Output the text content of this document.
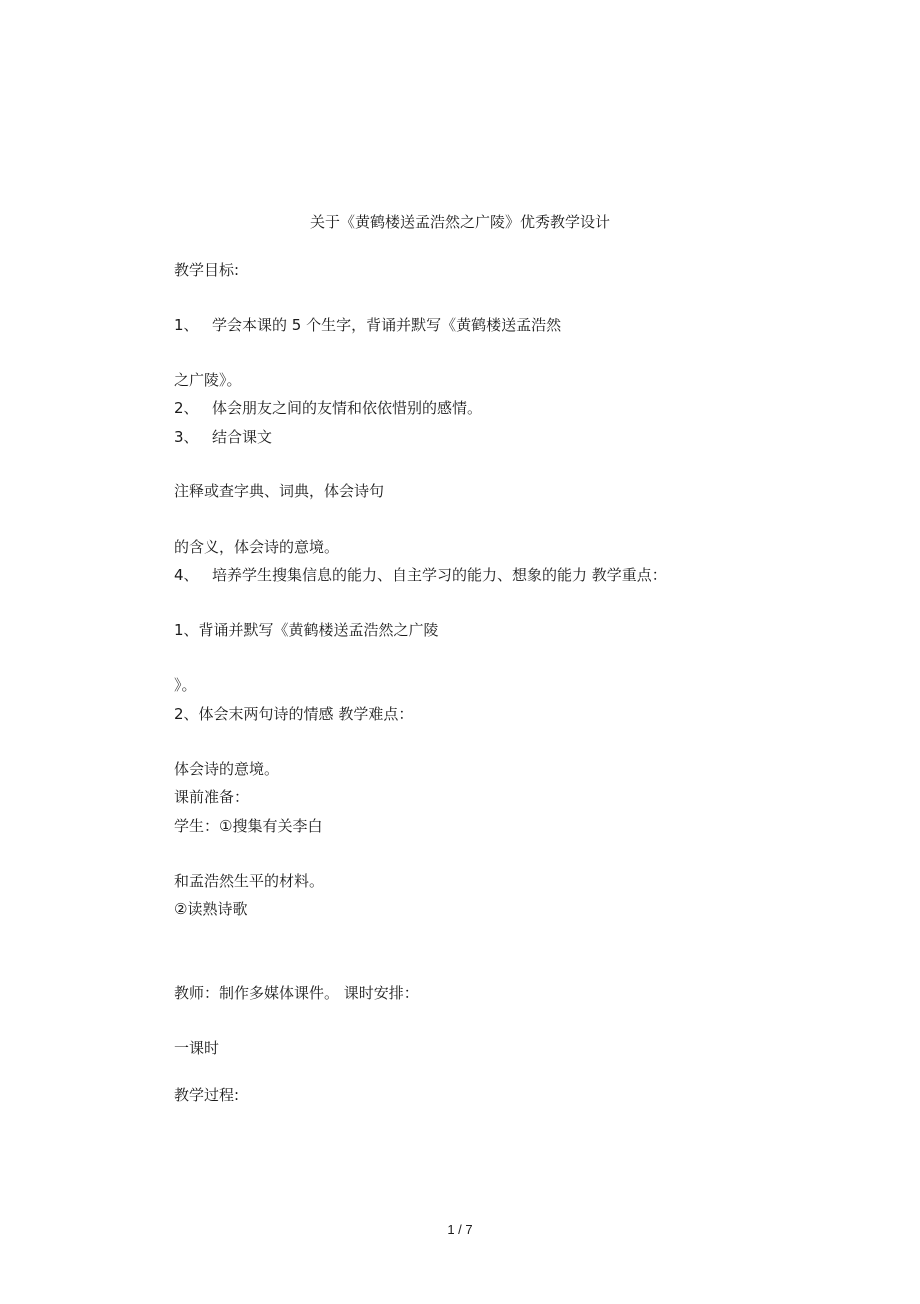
关于《黄鹤楼送孟浩然之广陵》优秀教学设计
教学目标:
1、 学会本课的 5 个生字，背诵并默写《黄鹤楼送孟浩然
之广陵》。
2、 体会朋友之间的友情和依依惜别的感情。
3、 结合课文
注释或查字典、词典，体会诗句
的含义，体会诗的意境。
4、 培养学生搜集信息的能力、自主学习的能力、想象的能力 教学重点：
1、背诵并默写《黄鹤楼送孟浩然之广陵
》。
2、体会末两句诗的情感 教学难点：
体会诗的意境。
课前准备：
学生：①搜集有关李白
和孟浩然生平的材料。
②读熟诗歌
教师：制作多媒体课件。 课时安排：
一课时
教学过程:
1 / 7
